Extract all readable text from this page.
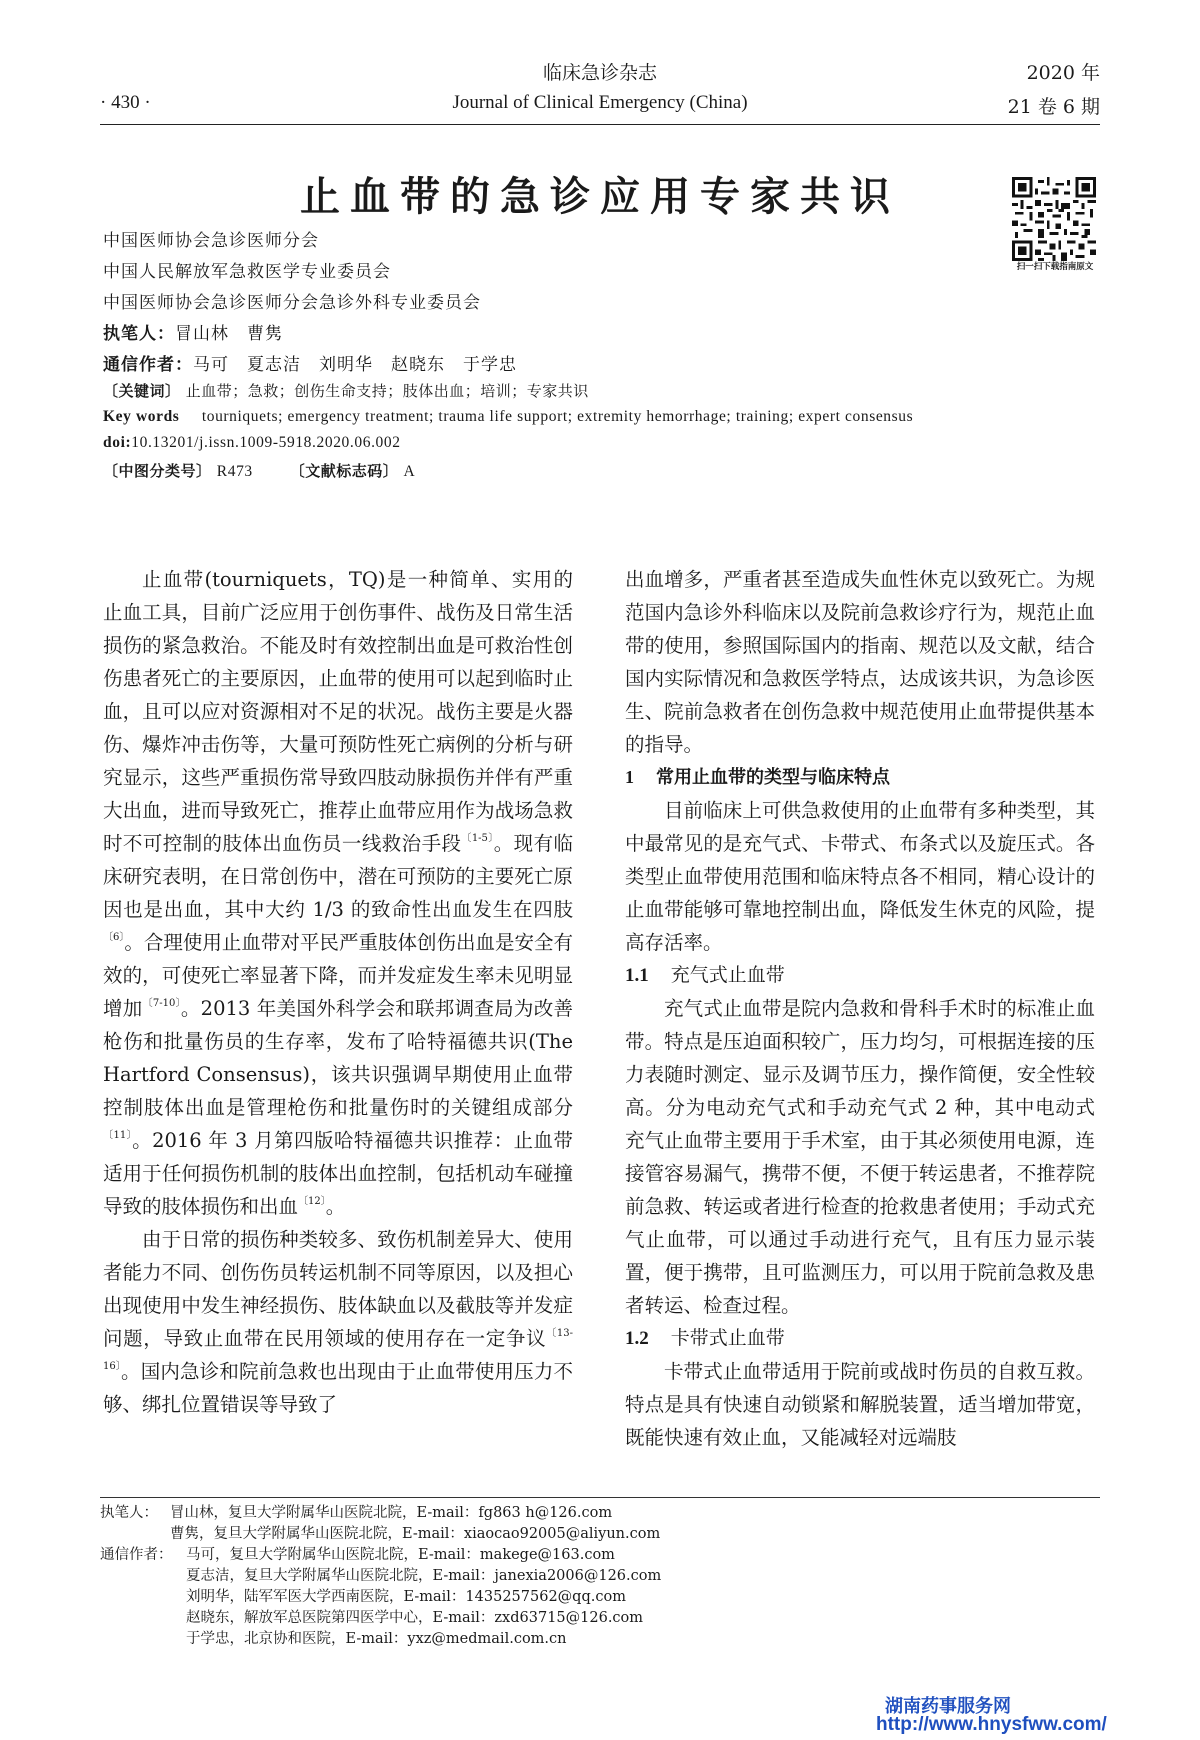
临床急诊杂志
Journal of Clinical Emergency (China)
· 430 ·
2020 年
21 卷 6 期
止血带的急诊应用专家共识
扫一扫下载指南原文
中国医师协会急诊医师分会
中国人民解放军急救医学专业委员会
中国医师协会急诊医师分会急诊外科专业委员会
执笔人：冒山林　曹隽
通信作者：马可　夏志洁　刘明华　赵晓东　于学忠
〔关键词〕 止血带；急救；创伤生命支持；肢体出血；培训；专家共识
Key words tourniquets; emergency treatment; trauma life support; extremity hemorrhage; training; expert consensus
doi:10.13201/j.issn.1009-5918.2020.06.002
〔中图分类号〕 R473 〔文献标志码〕 A

止血带(tourniquets，TQ)是一种简单、实用的止血工具，目前广泛应用于创伤事件、战伤及日常生活损伤的紧急救治。不能及时有效控制出血是可救治性创伤患者死亡的主要原因，止血带的使用可以起到临时止血，且可以应对资源相对不足的状况。战伤主要是火器伤、爆炸冲击伤等，大量可预防性死亡病例的分析与研究显示，这些严重损伤常导致四肢动脉损伤并伴有严重大出血，进而导致死亡，推荐止血带应用作为战场急救时不可控制的肢体出血伤员一线救治手段$^{〔1-5〕}$。现有临床研究表明，在日常创伤中，潜在可预防的主要死亡原因也是出血，其中大约 1/3 的致命性出血发生在四肢$^{〔6〕}$。合理使用止血带对平民严重肢体创伤出血是安全有效的，可使死亡率显著下降，而并发症发生率未见明显增加$^{〔7-10〕}$。2013 年美国外科学会和联邦调查局为改善枪伤和批量伤员的生存率，发布了哈特福德共识(The Hartford Consensus)，该共识强调早期使用止血带控制肢体出血是管理枪伤和批量伤时的关键组成部分$^{〔11〕}$。2016 年 3 月第四版哈特福德共识推荐：止血带适用于任何损伤机制的肢体出血控制，包括机动车碰撞导致的肢体损伤和出血$^{〔12〕}$。

由于日常的损伤种类较多、致伤机制差异大、使用者能力不同、创伤伤员转运机制不同等原因，以及担心出现使用中发生神经损伤、肢体缺血以及截肢等并发症问题，导致止血带在民用领域的使用存在一定争议$^{〔13-16〕}$。国内急诊和院前急救也出现由于止血带使用压力不够、绑扎位置错误等导致了

出血增多，严重者甚至造成失血性休克以致死亡。为规范国内急诊外科临床以及院前急救诊疗行为，规范止血带的使用，参照国际国内的指南、规范以及文献，结合国内实际情况和急救医学特点，达成该共识，为急诊医生、院前急救者在创伤急救中规范使用止血带提供基本的指导。

1 常用止血带的类型与临床特点

目前临床上可供急救使用的止血带有多种类型，其中最常见的是充气式、卡带式、布条式以及旋压式。各类型止血带使用范围和临床特点各不相同，精心设计的止血带能够可靠地控制出血，降低发生休克的风险，提高存活率。

1.1 充气式止血带

充气式止血带是院内急救和骨科手术时的标准止血带。特点是压迫面积较广，压力均匀，可根据连接的压力表随时测定、显示及调节压力，操作简便，安全性较高。分为电动充气式和手动充气式 2 种，其中电动式充气止血带主要用于手术室，由于其必须使用电源，连接管容易漏气，携带不便，不便于转运患者，不推荐院前急救、转运或者进行检查的抢救患者使用；手动式充气止血带，可以通过手动进行充气，且有压力显示装置，便于携带，且可监测压力，可以用于院前急救及患者转运、检查过程。

1.2 卡带式止血带

卡带式止血带适用于院前或战时伤员的自救互救。特点是具有快速自动锁紧和解脱装置，适当增加带宽，既能快速有效止血，又能减轻对远端肢

执笔人： 冒山林，复旦大学附属华山医院北院，E-mail：fg863 h@126.com
曹隽，复旦大学附属华山医院北院，E-mail：xiaocao92005@aliyun.com
通信作者： 马可，复旦大学附属华山医院北院，E-mail：makege@163.com
夏志洁，复旦大学附属华山医院北院，E-mail：janexia2006@126.com
刘明华，陆军军医大学西南医院，E-mail：1435257562@qq.com
赵晓东，解放军总医院第四医学中心，E-mail：zxd63715@126.com
于学忠，北京协和医院，E-mail：yxz@medmail.com.cn
湖南药事服务网
http://www.hnysfww.com/
